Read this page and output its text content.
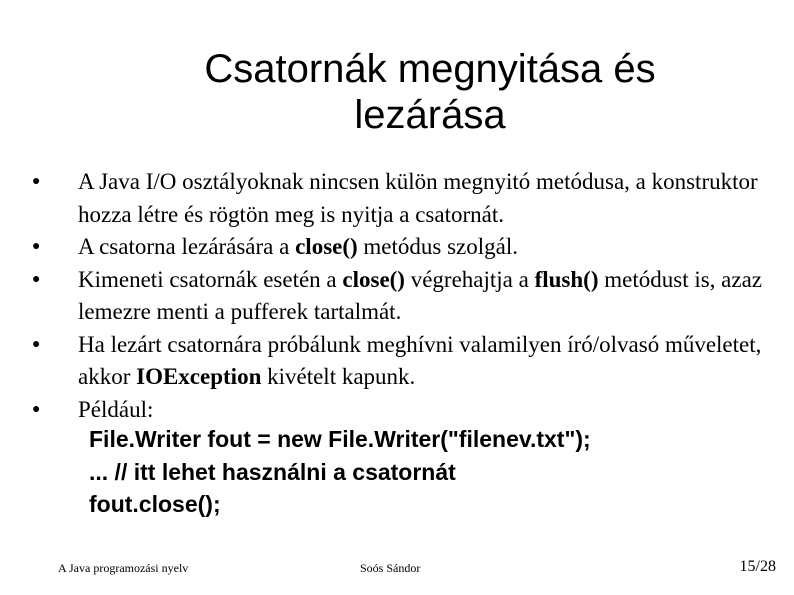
Csatornák megnyitása és
lezárása
● A Java I/O osztályoknak nincsen külön megnyitó metódusa, a konstruktor hozza létre és rögtön meg is nyitja a csatornát.
● A csatorna lezárására a close() metódus szolgál.
● Kimeneti csatornák esetén a close() végrehajtja a flush() metódust is, azaz lemezre menti a pufferek tartalmát.
● Ha lezárt csatornára próbálunk meghívni valamilyen író/olvasó műveletet, akkor IOException kivételt kapunk.
● Például:
File.Writer fout = new File.Writer("filenev.txt");
... // itt lehet használni a csatornát
fout.close();
A Java programozási nyelv	Soós Sándor	15/28
